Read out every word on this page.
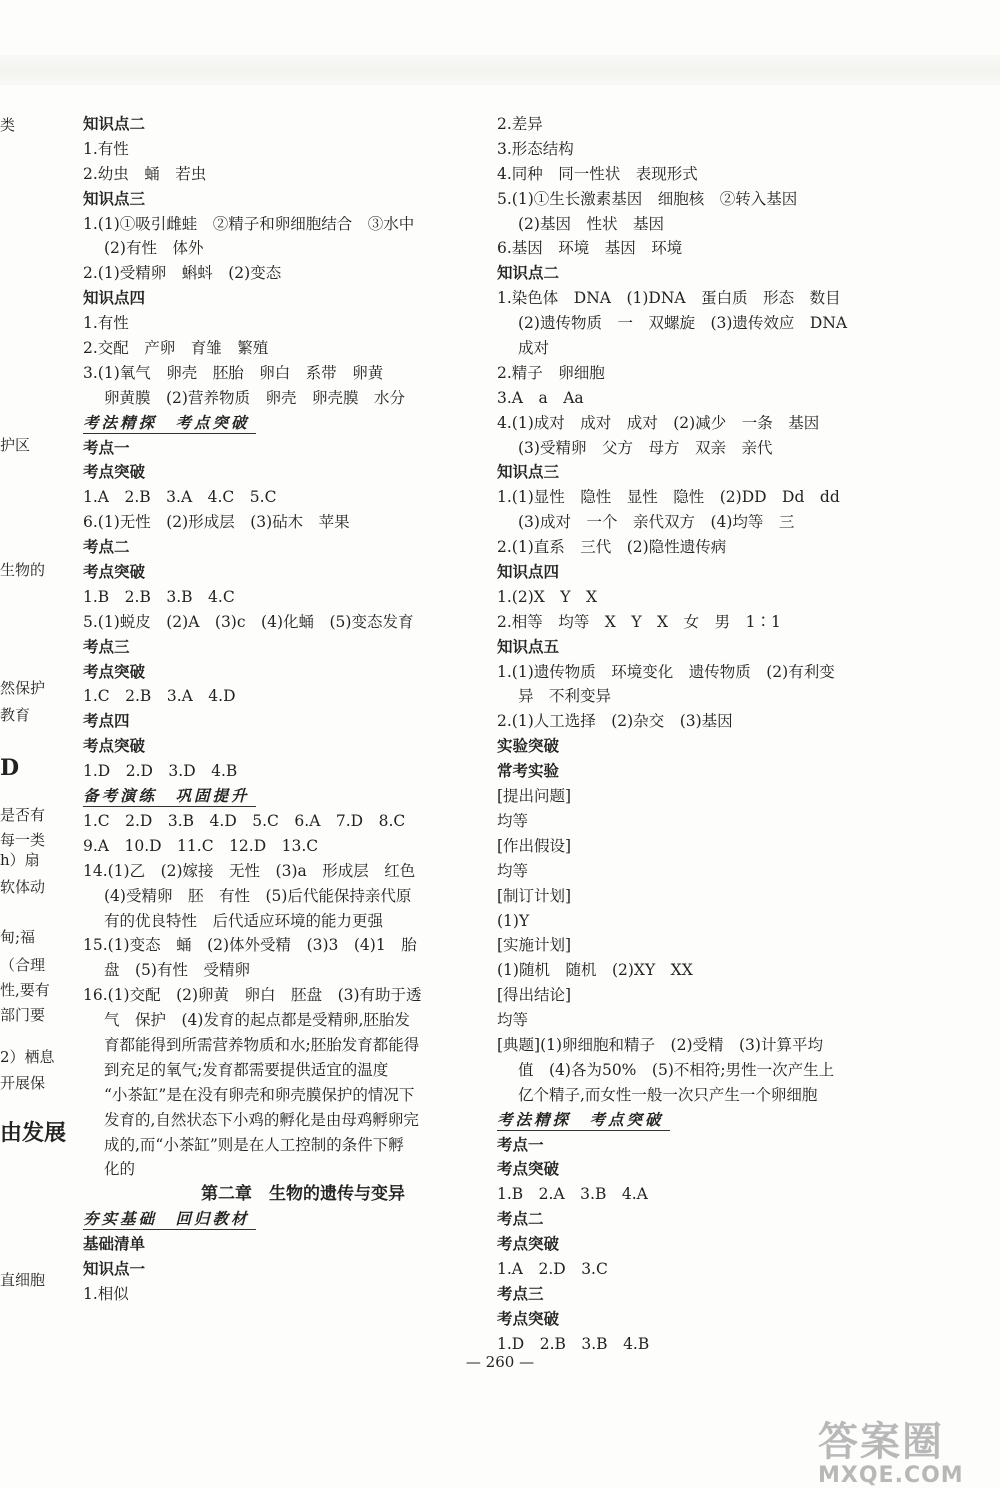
类
护区
生物的
然保护
教育
D
是否有
每一类
h）扇
软体动
甸;福
（合理
性,要有
部门要
2）栖息
开展保
由发展
直细胞
知识点二
1.有性
2.幼虫　蛹　若虫
知识点三
1.(1)①吸引雌蛙　②精子和卵细胞结合　③水中
(2)有性　体外
2.(1)受精卵　蝌蚪　(2)变态
知识点四
1.有性
2.交配　产卵　育雏　繁殖
3.(1)氧气　卵壳　胚胎　卵白　系带　卵黄
卵黄膜　(2)营养物质　卵壳　卵壳膜　水分
考法精探　考点突破
考点一
考点突破
1.A　2.B　3.A　4.C　5.C
6.(1)无性　(2)形成层　(3)砧木　苹果
考点二
考点突破
1.B　2.B　3.B　4.C
5.(1)蜕皮　(2)A　(3)c　(4)化蛹　(5)变态发育
考点三
考点突破
1.C　2.B　3.A　4.D
考点四
考点突破
1.D　2.D　3.D　4.B
备考演练　巩固提升
1.C　2.D　3.B　4.D　5.C　6.A　7.D　8.C
9.A　10.D　11.C　12.D　13.C
14.(1)乙　(2)嫁接　无性　(3)a　形成层　红色
(4)受精卵　胚　有性　(5)后代能保持亲代原
有的优良特性　后代适应环境的能力更强
15.(1)变态　蛹　(2)体外受精　(3)3　(4)1　胎
盘　(5)有性　受精卵
16.(1)交配　(2)卵黄　卵白　胚盘　(3)有助于透
气　保护　(4)发育的起点都是受精卵,胚胎发
育都能得到所需营养物质和水;胚胎发育都能得
到充足的氧气;发育都需要提供适宜的温度
“小茶缸”是在没有卵壳和卵壳膜保护的情况下
发育的,自然状态下小鸡的孵化是由母鸡孵卵完
成的,而“小茶缸”则是在人工控制的条件下孵
化的
第二章　生物的遗传与变异
夯实基础　回归教材
基础清单
知识点一
1.相似
2.差异
3.形态结构
4.同种　同一性状　表现形式
5.(1)①生长激素基因　细胞核　②转入基因
(2)基因　性状　基因
6.基因　环境　基因　环境
知识点二
1.染色体　DNA　(1)DNA　蛋白质　形态　数目
(2)遗传物质　一　双螺旋　(3)遗传效应　DNA
成对
2.精子　卵细胞
3.A　a　Aa
4.(1)成对　成对　成对　(2)减少　一条　基因
(3)受精卵　父方　母方　双亲　亲代
知识点三
1.(1)显性　隐性　显性　隐性　(2)DD　Dd　dd
(3)成对　一个　亲代双方　(4)均等　三
2.(1)直系　三代　(2)隐性遗传病
知识点四
1.(2)X　Y　X
2.相等　均等　X　Y　X　女　男　1∶1
知识点五
1.(1)遗传物质　环境变化　遗传物质　(2)有利变
异　不利变异
2.(1)人工选择　(2)杂交　(3)基因
实验突破
常考实验
[提出问题]
均等
[作出假设]
均等
[制订计划]
(1)Y
[实施计划]
(1)随机　随机　(2)XY　XX
[得出结论]
均等
[典题](1)卵细胞和精子　(2)受精　(3)计算平均
值　(4)各为50%　(5)不相符;男性一次产生上
亿个精子,而女性一般一次只产生一个卵细胞
考法精探　考点突破
考点一
考点突破
1.B　2.A　3.B　4.A
考点二
考点突破
1.A　2.D　3.C
考点三
考点突破
1.D　2.B　3.B　4.B
— 260 —
答案圈
MXQE.COM
